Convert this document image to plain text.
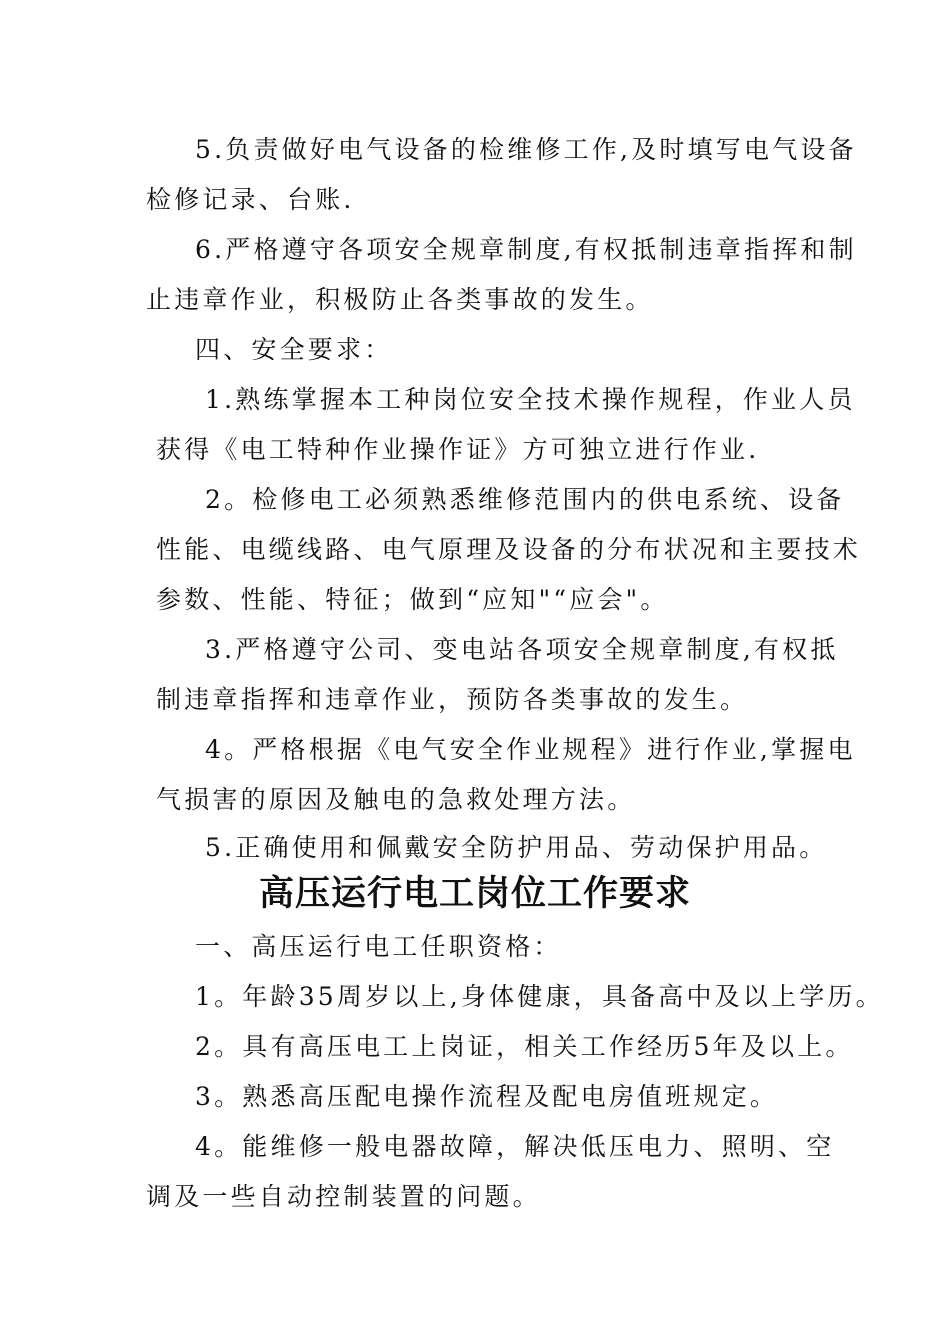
5.负责做好电气设备的检维修工作,及时填写电气设备
检修记录、台账.
6.严格遵守各项安全规章制度,有权抵制违章指挥和制
止违章作业，积极防止各类事故的发生。
四、安全要求：
1.熟练掌握本工种岗位安全技术操作规程，作业人员
获得《电工特种作业操作证》方可独立进行作业.
2。检修电工必须熟悉维修范围内的供电系统、设备
性能、电缆线路、电气原理及设备的分布状况和主要技术
参数、性能、特征；做到“应知"“应会"。
3.严格遵守公司、变电站各项安全规章制度,有权抵
制违章指挥和违章作业，预防各类事故的发生。
4。严格根据《电气安全作业规程》进行作业,掌握电
气损害的原因及触电的急救处理方法。
5.正确使用和佩戴安全防护用品、劳动保护用品。
高压运行电工岗位工作要求
一、高压运行电工任职资格：
1。年龄35周岁以上,身体健康，具备高中及以上学历。
2。具有高压电工上岗证，相关工作经历5年及以上。
3。熟悉高压配电操作流程及配电房值班规定。
4。能维修一般电器故障，解决低压电力、照明、空
调及一些自动控制装置的问题。
